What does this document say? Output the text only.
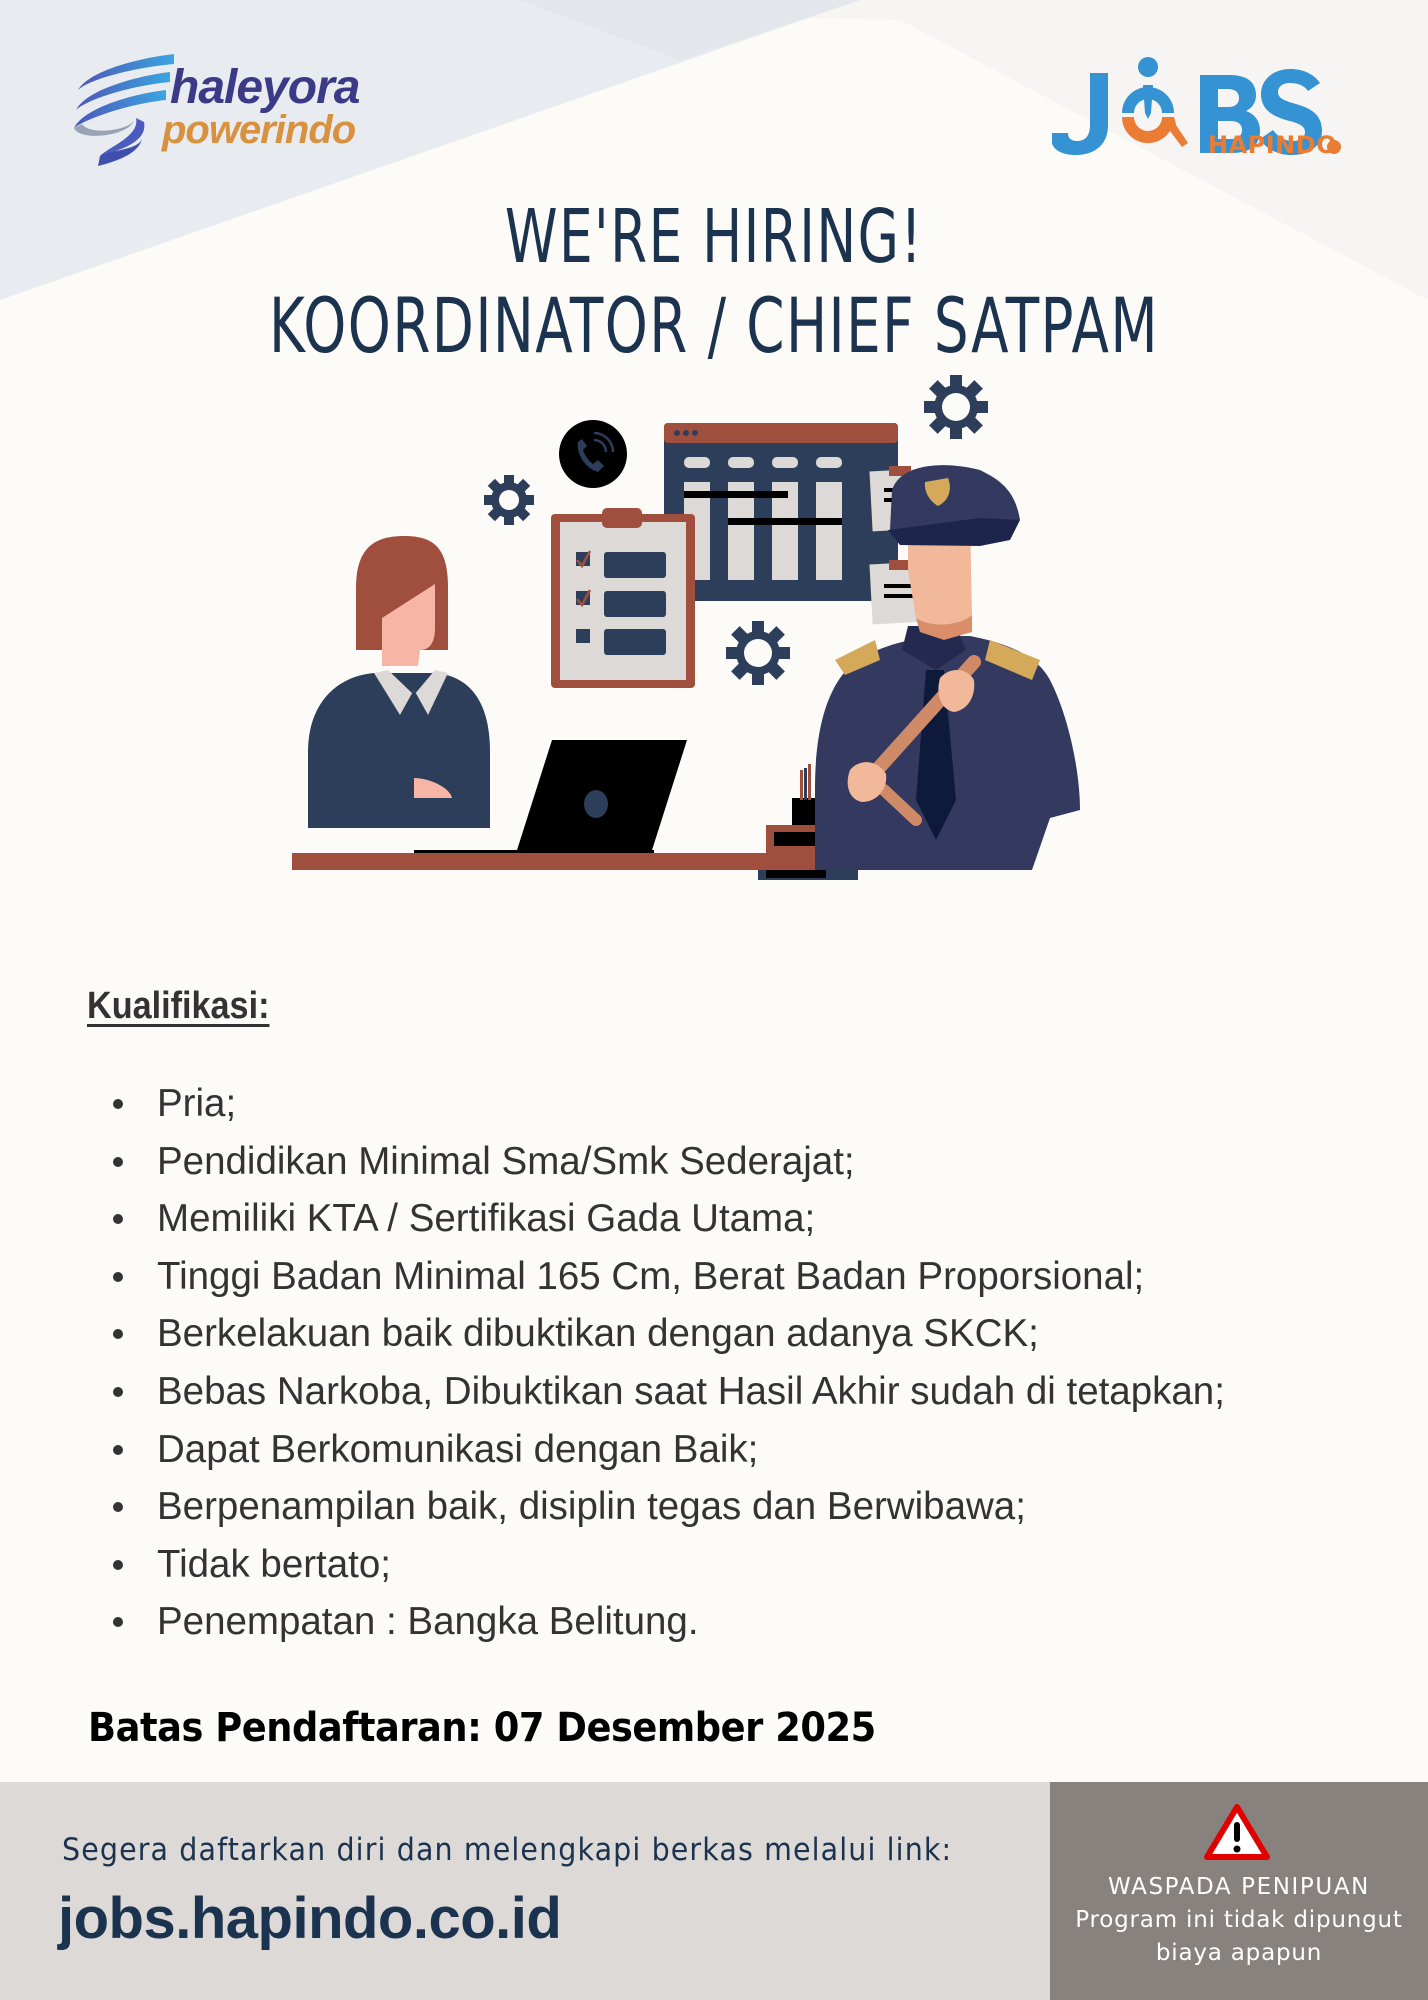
haleyora
powerindo	HAPINDO
WE'RE HIRING!
KOORDINATOR / CHIEF SATPAM
Kualifikasi:
Pria;
Pendidikan Minimal Sma/Smk Sederajat;
Memiliki KTA / Sertifikasi Gada Utama;
Tinggi Badan Minimal 165 Cm, Berat Badan Proporsional;
Berkelakuan baik dibuktikan dengan adanya SKCK;
Bebas Narkoba, Dibuktikan saat Hasil Akhir sudah di tetapkan;
Dapat Berkomunikasi dengan Baik;
Berpenampilan baik, disiplin tegas dan Berwibawa;
Tidak bertato;
Penempatan : Bangka Belitung.
Batas Pendaftaran: 07 Desember 2025
Segera daftarkan diri dan melengkapi berkas melalui link:
jobs.hapindo.co.id	WASPADA PENIPUAN
Program ini tidak dipungut
biaya apapun
